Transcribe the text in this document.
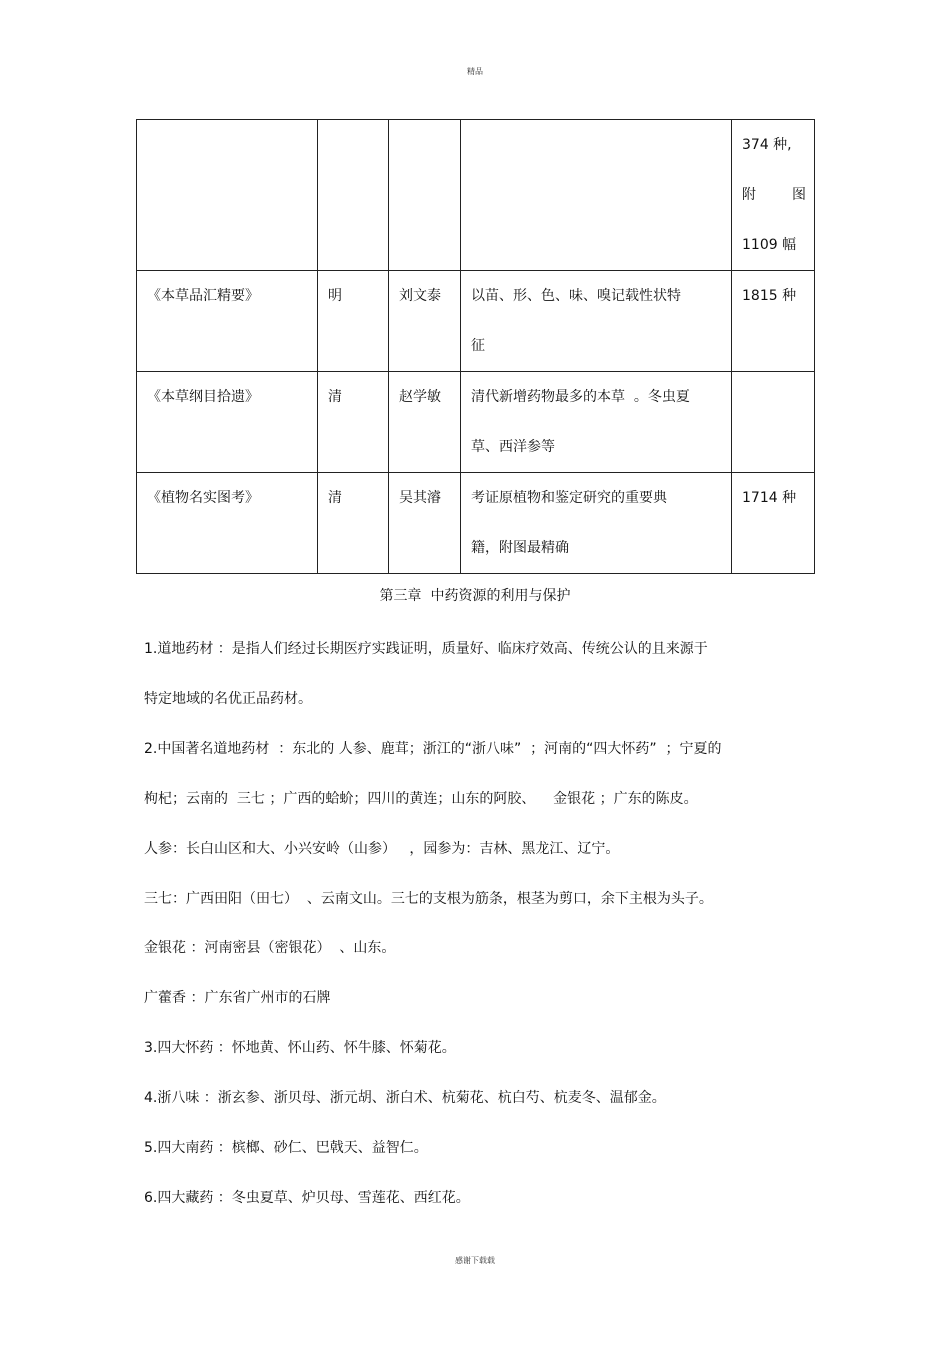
精品

				374 种,
附 图
1109 幅

《本草品汇精要》	明	刘文泰	以苗、形、色、味、嗅记载性状特
征	1815 种

《本草纲目拾遗》	清	赵学敏	清代新增药物最多的本草  。冬虫夏
草、西洋参等	

《植物名实图考》	清	吴其濬	考证原植物和鉴定研究的重要典
籍，附图最精确	1714 种
第三章  中药资源的利用与保护
1.道地药材 ：是指人们经过长期医疗实践证明，质量好、临床疗效高、传统公认的且来源于
特定地域的名优正品药材。
2.中国著名道地药材  ：东北的 人参、鹿茸；浙江的“浙八味”  ；河南的“四大怀药”  ；宁夏的
枸杞；云南的  三七 ；广西的蛤蚧；四川的黄连；山东的阿胶、    金银花 ；广东的陈皮。
人参：长白山区和大、小兴安岭（山参）   ，园参为：吉林、黑龙江、辽宁。
三七：广西田阳（田七）  、云南文山。三七的支根为筋条，根茎为剪口，余下主根为头子。
金银花 ：河南密县（密银花）  、山东。
广藿香 ：广东省广州市的石牌
3.四大怀药 ：怀地黄、怀山药、怀牛膝、怀菊花。
4.浙八味 ：浙玄参、浙贝母、浙元胡、浙白术、杭菊花、杭白芍、杭麦冬、温郁金。
5.四大南药 ：槟榔、砂仁、巴戟天、益智仁。
6.四大藏药 ：冬虫夏草、炉贝母、雪莲花、西红花。
感谢下载载
